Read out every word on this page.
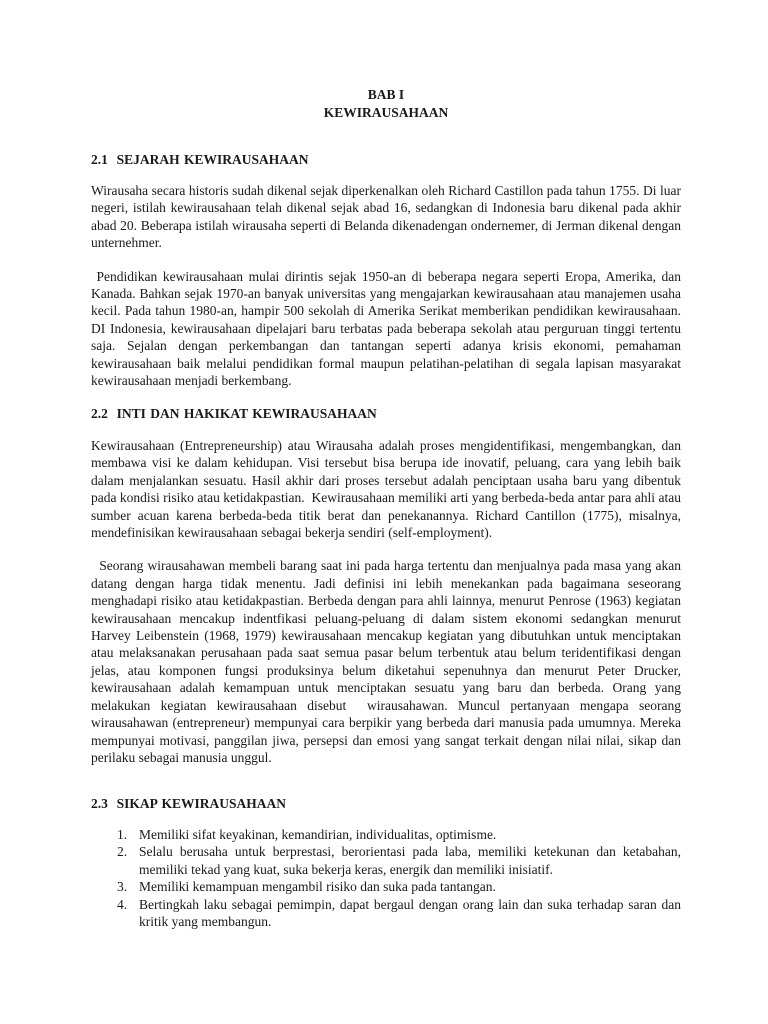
BAB I
KEWIRAUSAHAAN
2.1  SEJARAH KEWIRAUSAHAAN

Wirausaha secara historis sudah dikenal sejak diperkenalkan oleh Richard Castillon pada tahun 1755. Di luar negeri, istilah kewirausahaan telah dikenal sejak abad 16, sedangkan di Indonesia baru dikenal pada akhir abad 20. Beberapa istilah wirausaha seperti di Belanda dikenadengan ondernemer, di Jerman dikenal dengan unternehmer.

Pendidikan kewirausahaan mulai dirintis sejak 1950-an di beberapa negara seperti Eropa, Amerika, dan Kanada. Bahkan sejak 1970-an banyak universitas yang mengajarkan kewirausahaan atau manajemen usaha kecil. Pada tahun 1980-an, hampir 500 sekolah di Amerika Serikat memberikan pendidikan kewirausahaan. DI Indonesia, kewirausahaan dipelajari baru terbatas pada beberapa sekolah atau perguruan tinggi tertentu saja. Sejalan dengan perkembangan dan tantangan seperti adanya krisis ekonomi, pemahaman kewirausahaan baik melalui pendidikan formal maupun pelatihan-pelatihan di segala lapisan masyarakat kewirausahaan menjadi berkembang.

2.2  INTI DAN HAKIKAT KEWIRAUSAHAAN

Kewirausahaan (Entrepreneurship) atau Wirausaha adalah proses mengidentifikasi, mengembangkan, dan membawa visi ke dalam kehidupan. Visi tersebut bisa berupa ide inovatif, peluang, cara yang lebih baik dalam menjalankan sesuatu. Hasil akhir dari proses tersebut adalah penciptaan usaha baru yang dibentuk pada kondisi risiko atau ketidakpastian.  Kewirausahaan memiliki arti yang berbeda-beda antar para ahli atau sumber acuan karena berbeda-beda titik berat dan penekanannya. Richard Cantillon (1775), misalnya, mendefinisikan kewirausahaan sebagai bekerja sendiri (self-employment).

Seorang wirausahawan membeli barang saat ini pada harga tertentu dan menjualnya pada masa yang akan datang dengan harga tidak menentu. Jadi definisi ini lebih menekankan pada bagaimana seseorang menghadapi risiko atau ketidakpastian. Berbeda dengan para ahli lainnya, menurut Penrose (1963) kegiatan kewirausahaan mencakup indentfikasi peluang-peluang di dalam sistem ekonomi sedangkan menurut Harvey Leibenstein (1968, 1979) kewirausahaan mencakup kegiatan yang dibutuhkan untuk menciptakan atau melaksanakan perusahaan pada saat semua pasar belum terbentuk atau belum teridentifikasi dengan jelas, atau komponen fungsi produksinya belum diketahui sepenuhnya dan menurut Peter Drucker, kewirausahaan adalah kemampuan untuk menciptakan sesuatu yang baru dan berbeda. Orang yang melakukan kegiatan kewirausahaan disebut  wirausahawan. Muncul pertanyaan mengapa seorang wirausahawan (entrepreneur) mempunyai cara berpikir yang berbeda dari manusia pada umumnya. Mereka mempunyai motivasi, panggilan jiwa, persepsi dan emosi yang sangat terkait dengan nilai nilai, sikap dan perilaku sebagai manusia unggul.

2.3  SIKAP KEWIRAUSAHAAN
1. Memiliki sifat keyakinan, kemandirian, individualitas, optimisme.
2. Selalu berusaha untuk berprestasi, berorientasi pada laba, memiliki ketekunan dan ketabahan, memiliki tekad yang kuat, suka bekerja keras, energik dan memiliki inisiatif.
3. Memiliki kemampuan mengambil risiko dan suka pada tantangan.
4. Bertingkah laku sebagai pemimpin, dapat bergaul dengan orang lain dan suka terhadap saran dan kritik yang membangun.
